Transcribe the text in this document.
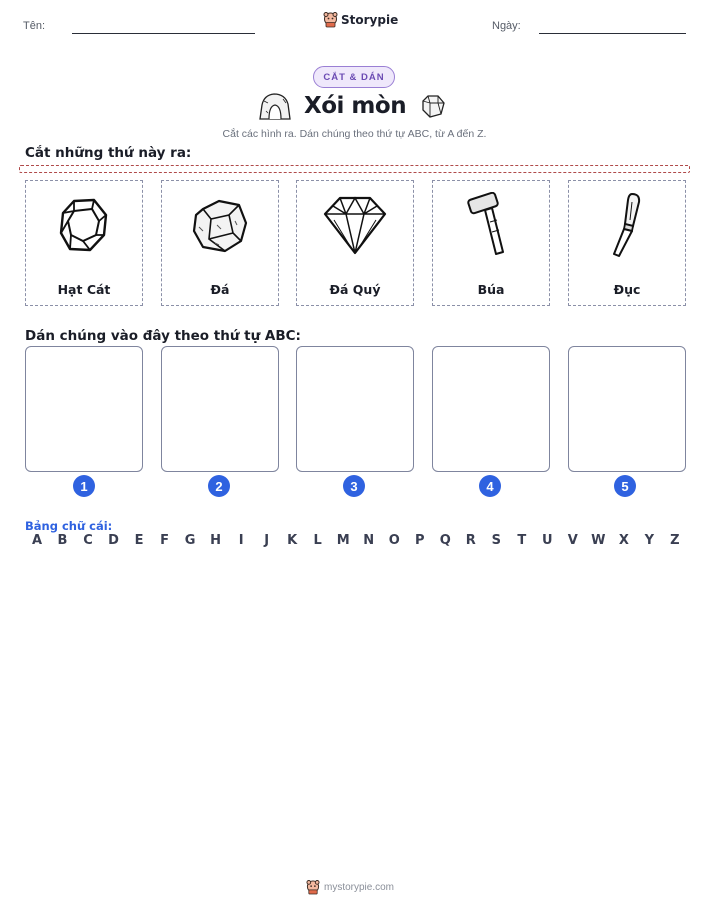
Tên:	Storypie	Ngày:
CẮT & DÁN
Xói mòn
Cắt các hình ra. Dán chúng theo thứ tự ABC, từ A đến Z.
Cắt những thứ này ra:
Hạt Cát	Đá	Đá Quý	Búa	Đục
Dán chúng vào đây theo thứ tự ABC:
1	2	3	4	5
Bảng chữ cái:
A	B	C	D	E	F	G	H	I	J	K	L	M	N	O	P	Q	R	S	T	U	V	W	X	Y	Z
mystorypie.com
